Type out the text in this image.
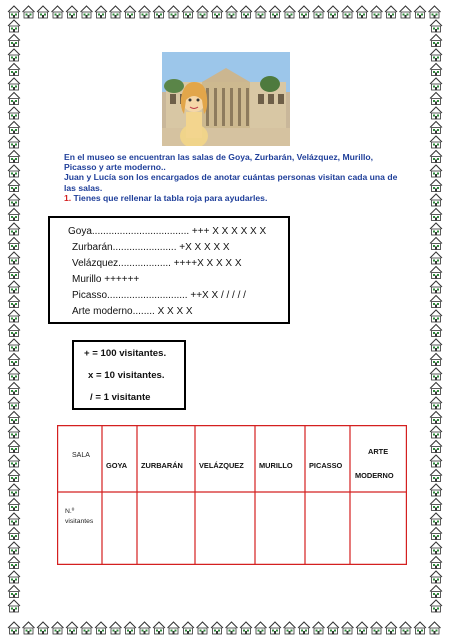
En el museo se encuentran las salas de Goya, Zurbarán, Velázquez, Murillo, Picasso y arte moderno..

Juan y Lucía son los encargados de anotar cuántas personas visitan cada una de las salas.

1. Tienes que rellenar la tabla roja para ayudarles.

Goya................................... +++ X X X X X X
Zurbarán....................... +X X X X X
Velázquez................... ++++X X X X X
Murillo ++++++
Picasso............................. ++X X / / / / /
Arte moderno........ X X X X
+ = 100 visitantes.
x = 10 visitantes.
/ = 1 visitante
SALA
GOYA ZURBARÁN VELÁZQUEZ MURILLO PICASSO
ARTE
MODERNO
N.º
visitantes
